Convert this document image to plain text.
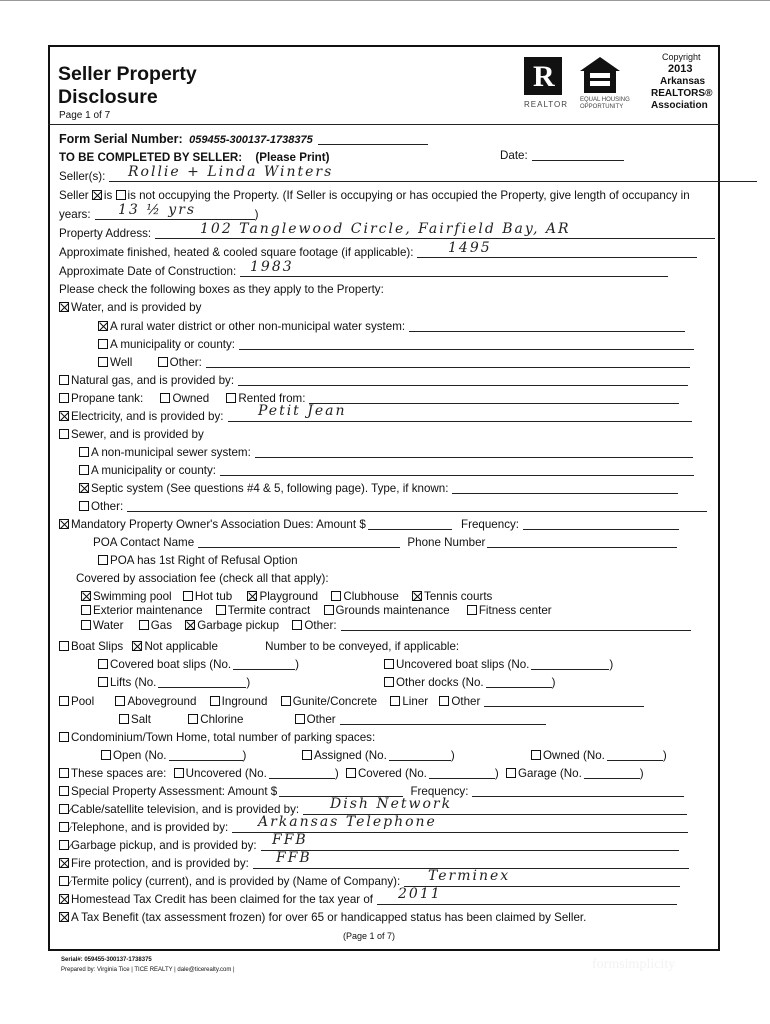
Seller Property
Disclosure
Page 1 of 7
R
REALTOR EQUAL HOUSING
OPPORTUNITY
Copyright
2013
Arkansas
REALTORS®
Association
Form Serial Number: 059455-300137-1738375
TO BE COMPLETED BY SELLER: (Please Print)	Date:
Seller(s):	Rollie + Linda Winters
Seller is is not occupying the Property. (If Seller is occupying or has occupied the Property, give length of occupancy in
years:	)
13 ½ yrs
Property Address:	102 Tanglewood Circle, Fairfield Bay, AR
Approximate finished, heated & cooled square footage (if applicable):	1495
Approximate Date of Construction: 1983
Please check the following boxes as they apply to the Property:
Water, and is provided by
A rural water district or other non-municipal water system:
A municipality or county:
Well	Other:
Natural gas, and is provided by:
Propane tank:	Owned	Rented from:
Electricity, and is provided by:	Petit Jean
Sewer, and is provided by
A non-municipal sewer system:
A municipality or county:
Septic system (See questions #4 & 5, following page). Type, if known:
Other:
Mandatory Property Owner's Association Dues: Amount $	Frequency:
POA Contact Name	Phone Number
POA has 1st Right of Refusal Option
Covered by association fee (check all that apply):
Swimming pool Hot tub Playground Clubhouse Tennis courts
Exterior maintenance Termite contract Grounds maintenance	Fitness center
Water Gas Garbage pickup Other:
Boat Slips Not applicable	Number to be conveyed, if applicable:
Covered boat slips (No.	)	Uncovered boat slips (No.	)
Lifts (No.	)	Other docks (No.	)
Pool	Aboveground Inground Gunite/Concrete Liner Other
Salt	Chlorine	Other
Condominium/Town Home, total number of parking spaces:
Open (No.	)	Assigned (No.	)	Owned (No.	)
These spaces are: Uncovered (No.	) Covered (No.	) Garage (No.	)
Special Property Assessment: Amount $	Frequency:
Cable/satellite television, and is provided by:	Dish Network
Telephone, and is provided by:	Arkansas Telephone
Garbage pickup, and is provided by:	FFB
Fire protection, and is provided by:	FFB
Termite policy (current), and is provided by (Name of Company):	Terminex
Homestead Tax Credit has been claimed for the tax year of	2011
A Tax Benefit (tax assessment frozen) for over 65 or handicapped status has been claimed by Seller.
(Page 1 of 7)
Serial#: 059455-300137-1738375
Prepared by: Virginia Tice | TICE REALTY | dale@ticerealty.com |	formsimplicity
